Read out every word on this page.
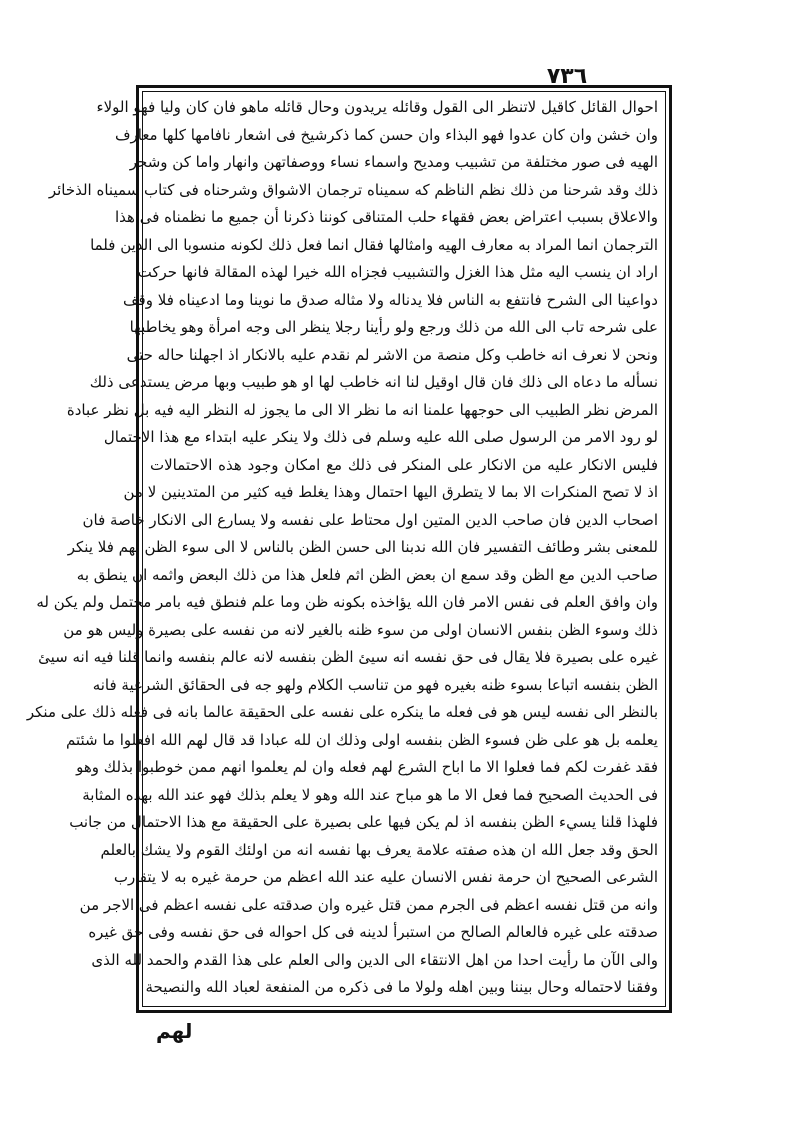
٧٣٦
احوال القائل كاقيل لاتنظر الى القول وقائله يريدون وحال قائله ماهو فان كان وليا فهو الولاء
وان خشن وان كان عدوا فهو البذاء وان حسن كما ذكرشيخ فى اشعار نافامها كلها معارف
الهيه فى صور مختلفة من تشبيب ومديح واسماء نساء ووصفاتهن وانهار واما كن وشجر
ذلك وقد شرحنا من ذلك نظم الناظم كه سميناه ترجمان الاشواق وشرحناه فى كتاب سميناه الذخائر
والاعلاق بسبب اعتراض بعض فقهاء حلب المتناقى كوننا ذكرنا أن جميع ما نظمناه فى هذا
الترجمان انما المراد به معارف الهيه وامثالها فقال انما فعل ذلك لكونه منسوبا الى الدين فلما
اراد ان ينسب اليه مثل هذا الغزل والتشبيب فجزاه الله خيرا لهذه المقالة فانها حركت
دواعينا الى الشرح فانتفع به الناس فلا يدناله ولا مثاله صدق ما نوينا وما ادعيناه فلا وقف
على شرحه تاب الى الله من ذلك ورجع ولو رأينا رجلا ينظر الى وجه امرأة وهو يخاطبها
ونحن لا نعرف انه خاطب وكل منصة من الاشر لم نقدم عليه بالانكار اذ اجهلنا حاله حتى
نسأله ما دعاه الى ذلك فان قال اوقيل لنا انه خاطب لها او هو طبيب وبها مرض يستدعى ذلك
المرض نظر الطبيب الى حوجهها علمنا انه ما نظر الا الى ما يجوز له النظر اليه فيه بل نظر عبادة
لو رود الامر من الرسول صلى الله عليه وسلم فى ذلك ولا ينكر عليه ابتداء مع هذا الاحتمال
فليس الانكار عليه من الانكار على المنكر فى ذلك مع امكان وجود هذه الاحتمالات
اذ لا تصح المنكرات الا بما لا يتطرق اليها احتمال وهذا يغلط فيه كثير من المتدينين لا من
اصحاب الدين فان صاحب الدين المتين اول محتاط على نفسه ولا يسارع الى الانكار خاصة فان
للمعنى بشر وطائف التفسير فان الله ندبنا الى حسن الظن بالناس لا الى سوء الظن بهم فلا ينكر
صاحب الدين مع الظن وقد سمع ان بعض الظن اثم فلعل هذا من ذلك البعض واثمه ان ينطق به
وان وافق العلم فى نفس الامر فان الله يؤاخذه بكونه ظن وما علم فنطق فيه بامر محتمل ولم يكن له
ذلك وسوء الظن بنفس الانسان اولى من سوء ظنه بالغير لانه من نفسه على بصيرة وليس هو من
غيره على بصيرة فلا يقال فى حق نفسه انه سيئ الظن بنفسه لانه عالم بنفسه وانما قلنا فيه انه سيئ
الظن بنفسه اتباعا بسوء ظنه بغيره فهو من تناسب الكلام ولهو جه فى الحقائق الشرعية فانه
بالنظر الى نفسه ليس هو فى فعله ما ينكره على نفسه على الحقيقة عالما بانه فى فعله ذلك على منكر
يعلمه بل هو على ظن فسوء الظن بنفسه اولى وذلك ان لله عبادا قد قال لهم الله افعلوا ما شئتم
فقد غفرت لكم فما فعلوا الا ما اباح الشرع لهم فعله وان لم يعلموا انهم ممن خوطبوا بذلك وهو
فى الحديث الصحيح فما فعل الا ما هو مباح عند الله وهو لا يعلم بذلك فهو عند الله بهذه المثابة
فلهذا قلنا يسيء الظن بنفسه اذ لم يكن فيها على بصيرة على الحقيقة مع هذا الاحتمال من جانب
الحق وقد جعل الله ان هذه صفته علامة يعرف بها نفسه انه من اولئك القوم ولا يشك بالعلم
الشرعى الصحيح ان حرمة نفس الانسان عليه عند الله اعظم من حرمة غيره به لا يتقارب
وانه من قتل نفسه اعظم فى الجرم ممن قتل غيره وان صدقته على نفسه اعظم فى الاجر من
صدقته على غيره فالعالم الصالح من استبرأ لدينه فى كل احواله فى حق نفسه وفى حق غيره
والى الآن ما رأيت احدا من اهل الانتقاء الى الدين والى العلم على هذا القدم والحمد لله الذى
وفقنا لاحتماله وحال بيننا وبين اهله ولولا ما فى ذكره من المنفعة لعباد الله والنصيحة
لهم
